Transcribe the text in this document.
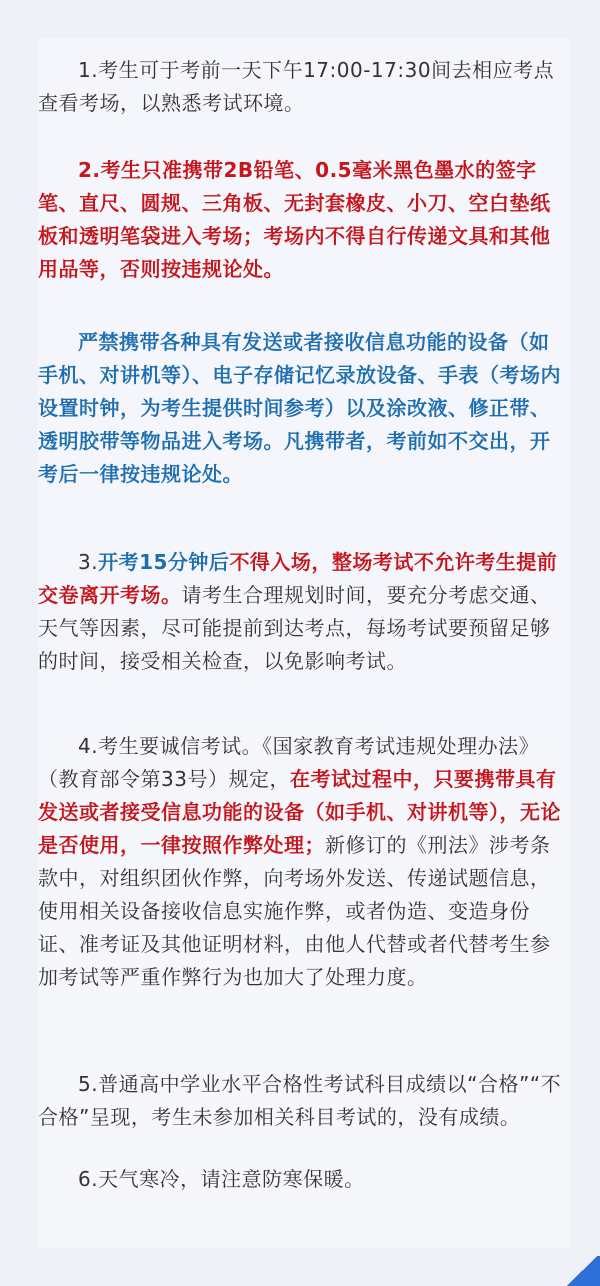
1.考生可于考前一天下午17:00-17:30间去相应考点查看考场，以熟悉考试环境。

2.考生只准携带2B铅笔、0.5毫米黑色墨水的签字笔、直尺、圆规、三角板、无封套橡皮、小刀、空白垫纸板和透明笔袋进入考场；考场内不得自行传递文具和其他用品等，否则按违规论处。

严禁携带各种具有发送或者接收信息功能的设备（如手机、对讲机等）、电子存储记忆录放设备、手表（考场内设置时钟，为考生提供时间参考）以及涂改液、修正带、透明胶带等物品进入考场。凡携带者，考前如不交出，开考后一律按违规论处。

3.开考15分钟后不得入场，整场考试不允许考生提前交卷离开考场。请考生合理规划时间，要充分考虑交通、天气等因素，尽可能提前到达考点，每场考试要预留足够的时间，接受相关检查，以免影响考试。

4.考生要诚信考试。《国家教育考试违规处理办法》（教育部令第33号）规定，在考试过程中，只要携带具有发送或者接受信息功能的设备（如手机、对讲机等），无论是否使用，一律按照作弊处理；新修订的《刑法》涉考条款中，对组织团伙作弊，向考场外发送、传递试题信息，使用相关设备接收信息实施作弊，或者伪造、变造身份证、准考证及其他证明材料，由他人代替或者代替考生参加考试等严重作弊行为也加大了处理力度。

5.普通高中学业水平合格性考试科目成绩以“合格”“不合格”呈现，考生未参加相关科目考试的，没有成绩。

6.天气寒冷，请注意防寒保暖。
